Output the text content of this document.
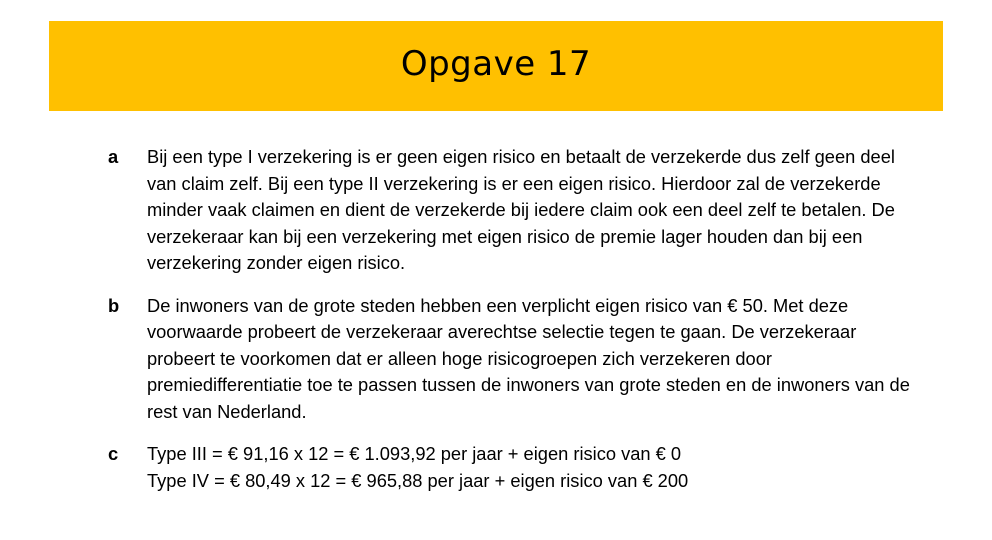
Opgave 17
a	Bij een type I verzekering is er geen eigen risico en betaalt de verzekerde dus zelf geen deel
van claim zelf. Bij een type II verzekering is er een eigen risico. Hierdoor zal de verzekerde
minder vaak claimen en dient de verzekerde bij iedere claim ook een deel zelf te betalen. De
verzekeraar kan bij een verzekering met eigen risico de premie lager houden dan bij een
verzekering zonder eigen risico.
b	De inwoners van de grote steden hebben een verplicht eigen risico van € 50. Met deze
voorwaarde probeert de verzekeraar averechtse selectie tegen te gaan. De verzekeraar
probeert te voorkomen dat er alleen hoge risicogroepen zich verzekeren door
premiedifferentiatie toe te passen tussen de inwoners van grote steden en de inwoners van de
rest van Nederland.
c	Type III = € 91,16 x 12 = € 1.093,92 per jaar + eigen risico van € 0
Type IV = € 80,49 x 12 = € 965,88 per jaar + eigen risico van € 200
